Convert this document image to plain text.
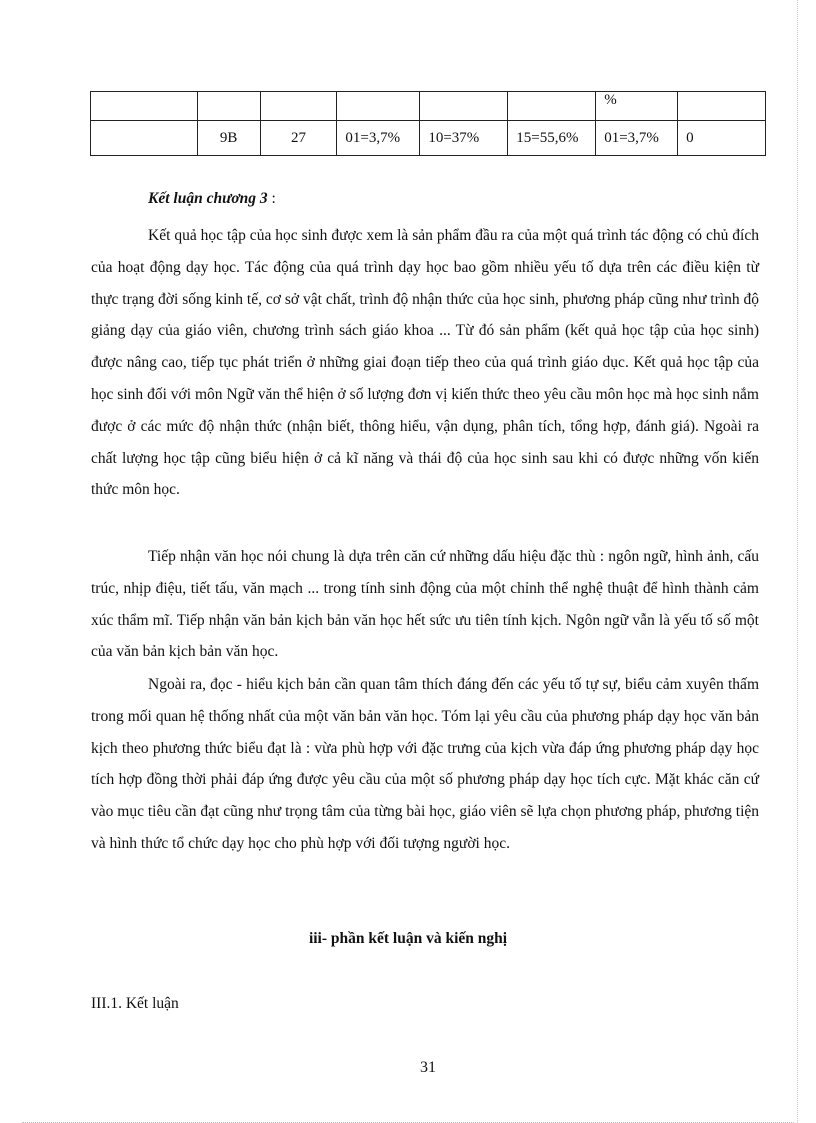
						%	
	9B	27	01=3,7%	10=37%	15=55,6%	01=3,7%	0
Kết luận chương 3 :

Kết quả học tập của học sinh được xem là sản phẩm đầu ra của một quá trình tác động có chủ đích của hoạt động dạy học. Tác động của quá trình dạy học bao gồm nhiều yếu tố dựa trên các điều kiện từ thực trạng đời sống kinh tế, cơ sở vật chất, trình độ nhận thức của học sinh, phương pháp cũng như trình độ giảng dạy của giáo viên, chương trình sách giáo khoa ... Từ đó sản phẩm (kết quả học tập của học sinh) được nâng cao, tiếp tục phát triển ở những giai đoạn tiếp theo của quá trình giáo dục. Kết quả học tập của học sinh đối với môn Ngữ văn thể hiện ở số lượng đơn vị kiến thức theo yêu cầu môn học mà học sinh nắm được ở các mức độ nhận thức (nhận biết, thông hiểu, vận dụng, phân tích, tổng hợp, đánh giá). Ngoài ra chất lượng học tập cũng biểu hiện ở cả kĩ năng và thái độ của học sinh sau khi có được những vốn kiến thức môn học.

Tiếp nhận văn học nói chung là dựa trên căn cứ những dấu hiệu đặc thù : ngôn ngữ, hình ảnh, cấu trúc, nhịp điệu, tiết tấu, văn mạch ... trong tính sinh động của một chỉnh thể nghệ thuật để hình thành cảm xúc thẩm mĩ. Tiếp nhận văn bản kịch bản văn học hết sức ưu tiên tính kịch. Ngôn ngữ vẫn là yếu tố số một của văn bản kịch bản văn học.

Ngoài ra, đọc - hiểu kịch bản cần quan tâm thích đáng đến các yếu tố tự sự, biểu cảm xuyên thấm trong mối quan hệ thống nhất của một văn bản văn học. Tóm lại yêu cầu của phương pháp dạy học văn bản kịch theo phương thức biểu đạt là : vừa phù hợp với đặc trưng của kịch vừa đáp ứng phương pháp dạy học tích hợp đồng thời phải đáp ứng được yêu cầu của một số phương pháp dạy học tích cực. Mặt khác căn cứ vào mục tiêu cần đạt cũng như trọng tâm của từng bài học, giáo viên sẽ lựa chọn phương pháp, phương tiện và hình thức tổ chức dạy học cho phù hợp với đối tượng người học.

iii- phần kết luận và kiến nghị
III.1. Kết luận
31
